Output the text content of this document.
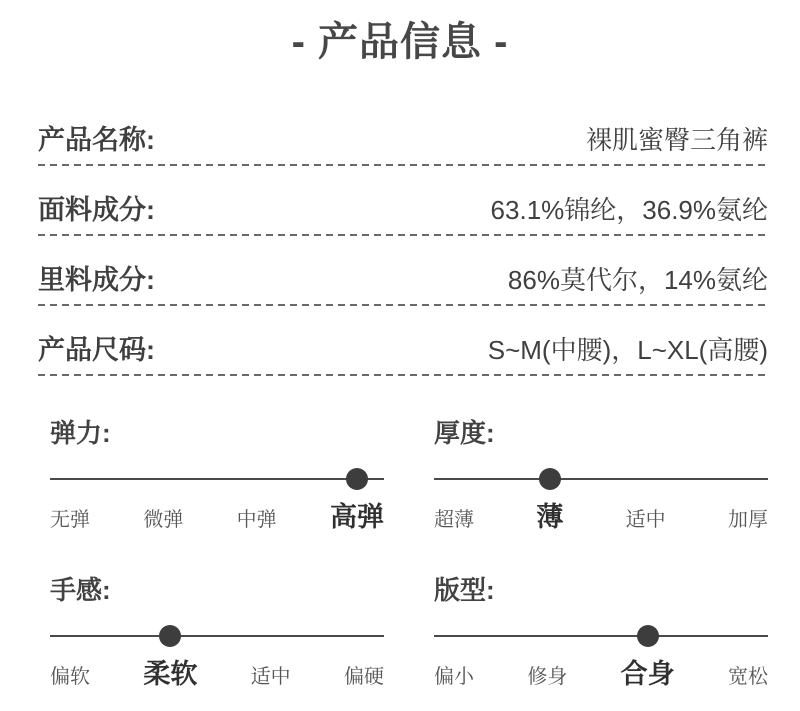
- 产品信息 -
产品名称:	裸肌蜜臀三角裤
面料成分:	63.1%锦纶，36.9%氨纶
里料成分:	86%莫代尔，14%氨纶
产品尺码:	S~M(中腰)，L~XL(高腰)
弹力:
无弹	微弹	中弹 高弹
厚度:
超薄 薄	适中	加厚
手感:
偏软 柔软	适中	偏硬
版型:
偏小	修身 合身	宽松
